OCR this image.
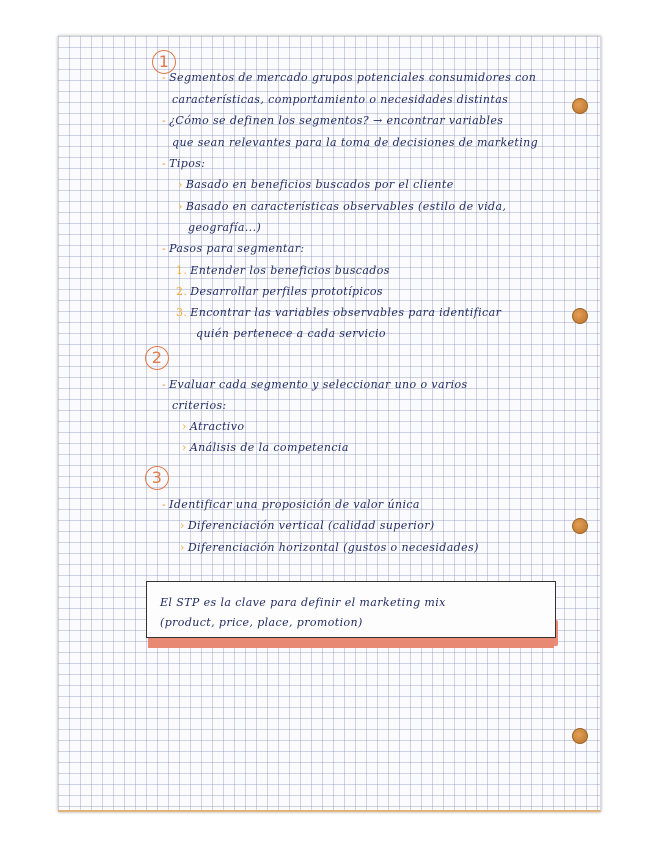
1
- Segmentos de mercado grupos potenciales consumidores con
características, comportamiento o necesidades distintas
- ¿Cómo se definen los segmentos? → encontrar variables
que sean relevantes para la toma de decisiones de marketing
- Tipos:
› Basado en beneficios buscados por el cliente
› Basado en características observables (estilo de vida,
geografía...)
- Pasos para segmentar:
1. Entender los beneficios buscados
2. Desarrollar perfiles prototípicos
3. Encontrar las variables observables para identificar
quién pertenece a cada servicio
2
- Evaluar cada segmento y seleccionar uno o varios
criterios:
› Atractivo
› Análisis de la competencia
3
- Identificar una proposición de valor única
› Diferenciación vertical (calidad superior)
› Diferenciación horizontal (gustos o necesidades)
El STP es la clave para definir el marketing mix
(product, price, place, promotion)
